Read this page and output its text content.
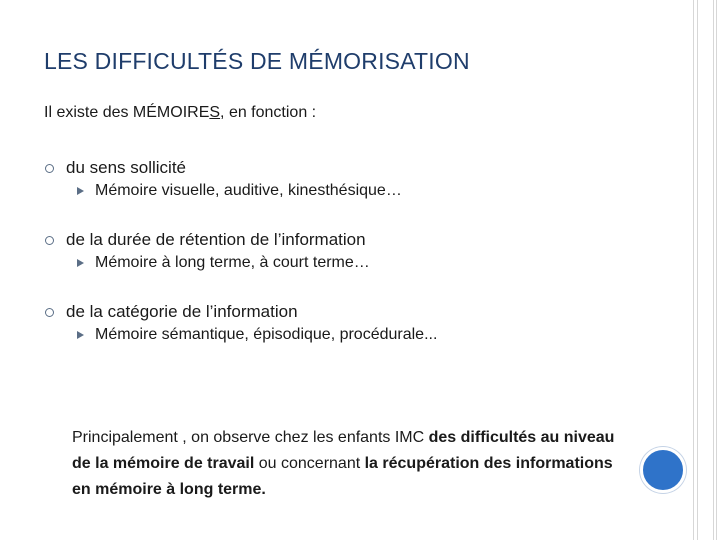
LES DIFFICULTÉS DE MÉMORISATION
Il existe des MÉMOIRES, en fonction :
du sens sollicité
Mémoire visuelle, auditive, kinesthésique…
de la durée de rétention de l’information
Mémoire à long terme, à court terme…
de la catégorie de l’information
Mémoire sémantique, épisodique, procédurale...
Principalement , on observe chez les enfants IMC des difficultés au niveau de la mémoire de travail ou concernant la récupération des informations en mémoire à long terme.
